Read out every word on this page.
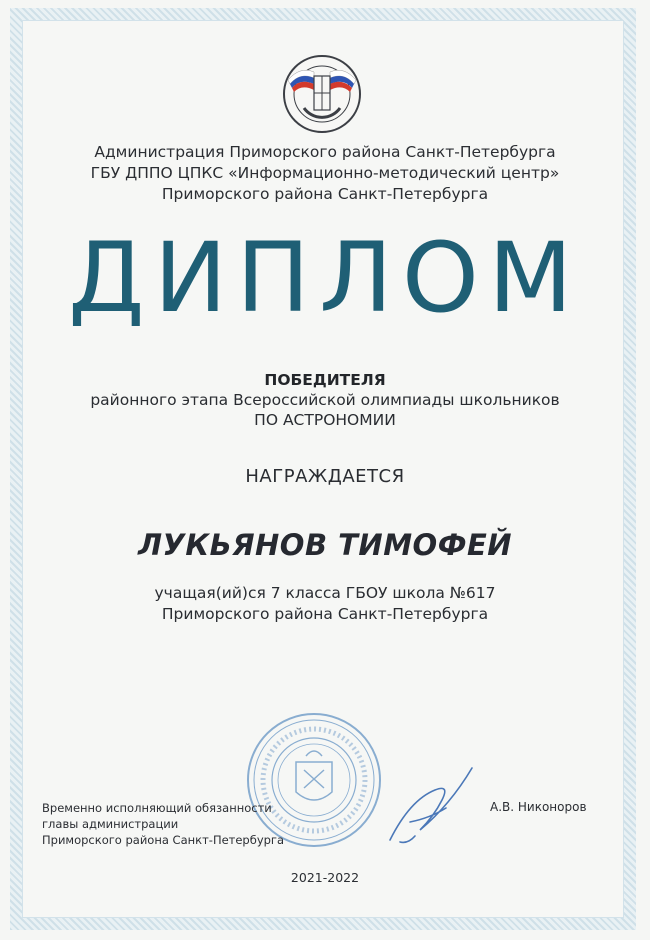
Администрация Приморского района Санкт-Петербурга
ГБУ ДППО ЦПКС «Информационно-методический центр»
Приморского района Санкт-Петербурга
ДИПЛОМ
ПОБЕДИТЕЛЯ
районного этапа Всероссийской олимпиады школьников
ПО АСТРОНОМИИ
НАГРАЖДАЕТСЯ
ЛУКЬЯНОВ ТИМОФЕЙ
учащая(ий)ся 7 класса ГБОУ школа №617
Приморского района Санкт-Петербурга
Временно исполняющий обязанности
главы администрации
Приморского района Санкт-Петербурга
А.В. Никоноров
2021-2022
